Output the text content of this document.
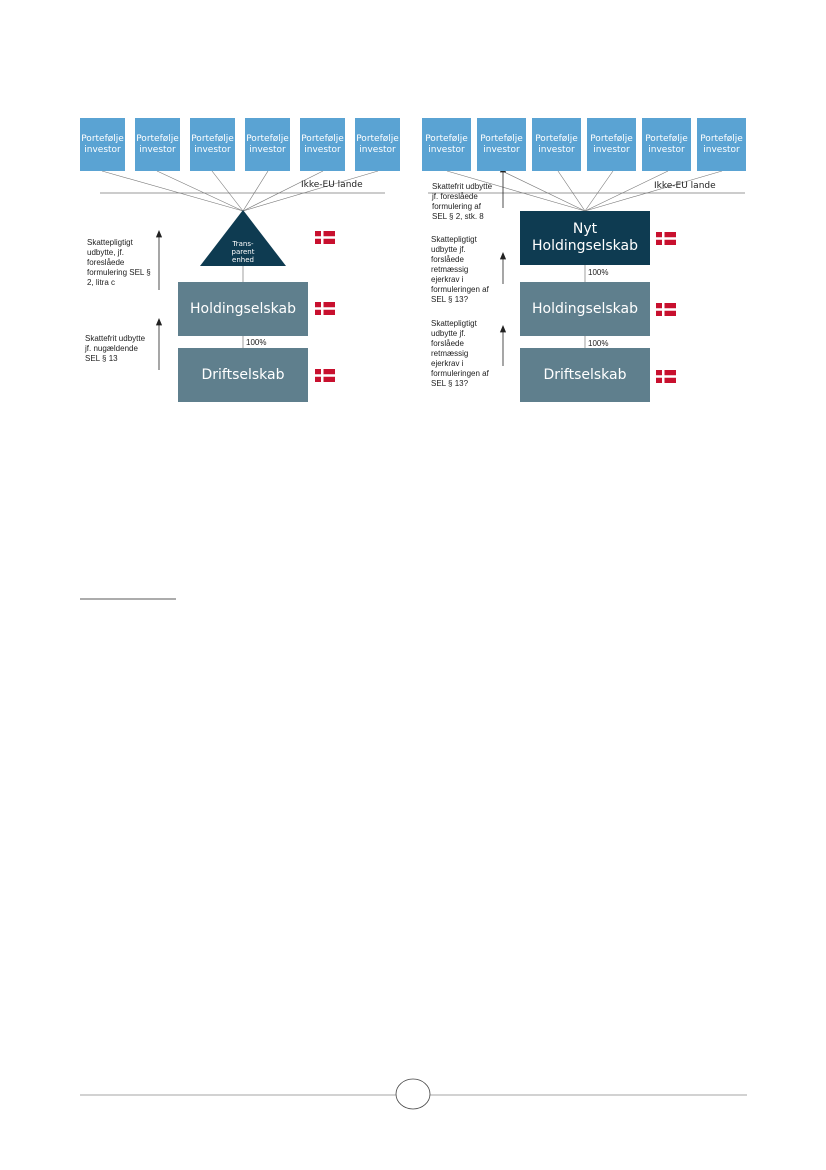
Portefølje investor
Portefølje investor
Portefølje investor
Portefølje investor
Portefølje investor
Portefølje investor
Ikke-EU lande
Trans-
parent
enhed
Holdingselskab
100%
Driftselskab
Skattepligtigt
udbytte, jf.
foreslåede
formulering SEL §
2, litra c
Skattefrit udbytte
jf. nugældende
SEL § 13
Portefølje investor
Portefølje investor
Portefølje investor
Portefølje investor
Portefølje investor
Portefølje investor
Ikke-EU lande
Nyt
Holdingselskab
100%
Holdingselskab
100%
Driftselskab
Skattefrit udbytte
jf. foreslåede
formulering af
SEL § 2, stk. 8
Skattepligtigt
udbytte jf.
forslåede
retmæssig
ejerkrav i
formuleringen af
SEL § 13?
Skattepligtigt
udbytte jf.
forslåede
retmæssig
ejerkrav i
formuleringen af
SEL § 13?
